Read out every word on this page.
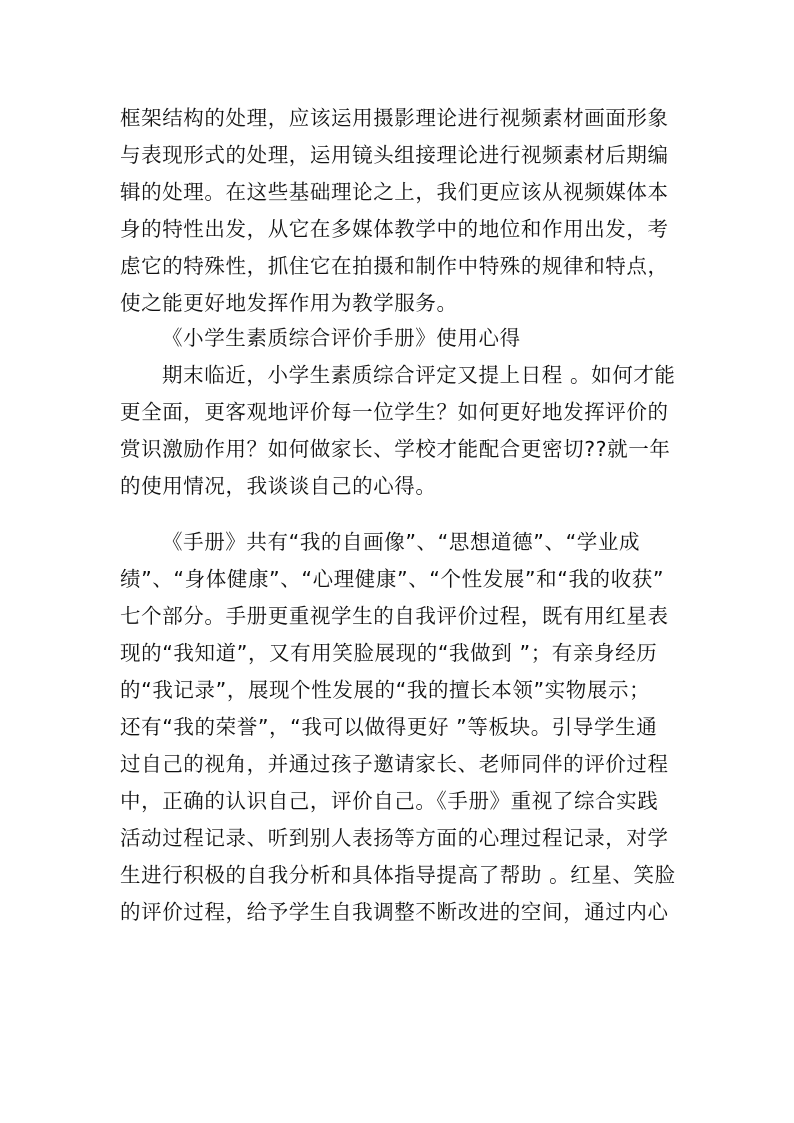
框架结构的处理，应该运用摄影理论进行视频素材画面形象
与表现形式的处理，运用镜头组接理论进行视频素材后期编
辑的处理。在这些基础理论之上，我们更应该从视频媒体本
身的特性出发，从它在多媒体教学中的地位和作用出发，考
虑它的特殊性，抓住它在拍摄和制作中特殊的规律和特点，
使之能更好地发挥作用为教学服务。
《小学生素质综合评价手册》使用心得
期末临近，小学生素质综合评定又提上日程 。如何才能
更全面，更客观地评价每一位学生？如何更好地发挥评价的
赏识激励作用？如何做家长、学校才能配合更密切??就一年
的使用情况，我谈谈自己的心得。
《手册》共有“我的自画像”、“思想道德”、“学业成
绩”、“身体健康”、“心理健康”、“个性发展”和“我的收获”
七个部分。手册更重视学生的自我评价过程，既有用红星表
现的“我知道”，又有用笑脸展现的“我做到 ”；有亲身经历
的“我记录”，展现个性发展的“我的擅长本领”实物展示；
还有“我的荣誉”，“我可以做得更好 ”等板块。引导学生通
过自己的视角，并通过孩子邀请家长、老师同伴的评价过程
中，正确的认识自己，评价自己。《手册》重视了综合实践
活动过程记录、听到别人表扬等方面的心理过程记录，对学
生进行积极的自我分析和具体指导提高了帮助 。红星、笑脸
的评价过程，给予学生自我调整不断改进的空间，通过内心
